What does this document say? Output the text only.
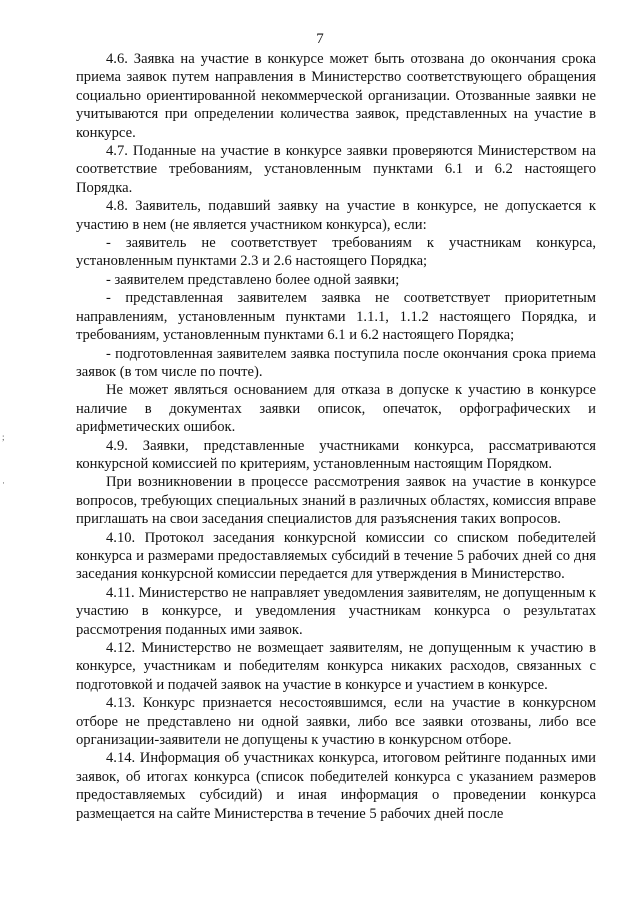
7
;
·

4.6. Заявка на участие в конкурсе может быть отозвана до окончания срока приема заявок путем направления в Министерство соответствующего обращения социально ориентированной некоммерческой организации. Отозванные заявки не учитываются при определении количества заявок, представленных на участие в конкурсе.

4.7. Поданные на участие в конкурсе заявки проверяются Министерством на соответствие требованиям, установленным пунктами 6.1 и 6.2 настоящего Порядка.

4.8. Заявитель, подавший заявку на участие в конкурсе, не допускается к участию в нем (не является участником конкурса), если:

- заявитель не соответствует требованиям к участникам конкурса, установленным пунктами 2.3 и 2.6 настоящего Порядка;

- заявителем представлено более одной заявки;

- представленная заявителем заявка не соответствует приоритетным направлениям, установленным пунктами 1.1.1, 1.1.2 настоящего Порядка, и требованиям, установленным пунктами 6.1 и 6.2 настоящего Порядка;

- подготовленная заявителем заявка поступила после окончания срока приема заявок (в том числе по почте).

Не может являться основанием для отказа в допуске к участию в конкурсе наличие в документах заявки описок, опечаток, орфографических и арифметических ошибок.

4.9. Заявки, представленные участниками конкурса, рассматриваются конкурсной комиссией по критериям, установленным настоящим Порядком.

При возникновении в процессе рассмотрения заявок на участие в конкурсе вопросов, требующих специальных знаний в различных областях, комиссия вправе приглашать на свои заседания специалистов для разъяснения таких вопросов.

4.10. Протокол заседания конкурсной комиссии со списком победителей конкурса и размерами предоставляемых субсидий в течение 5 рабочих дней со дня заседания конкурсной комиссии передается для утверждения в Министерство.

4.11. Министерство не направляет уведомления заявителям, не допущенным к участию в конкурсе, и уведомления участникам конкурса о результатах рассмотрения поданных ими заявок.

4.12. Министерство не возмещает заявителям, не допущенным к участию в конкурсе, участникам и победителям конкурса никаких расходов, связанных с подготовкой и подачей заявок на участие в конкурсе и участием в конкурсе.

4.13. Конкурс признается несостоявшимся, если на участие в конкурсном отборе не представлено ни одной заявки, либо все заявки отозваны, либо все организации-заявители не допущены к участию в конкурсном отборе.

4.14. Информация об участниках конкурса, итоговом рейтинге поданных ими заявок, об итогах конкурса (список победителей конкурса с указанием размеров предоставляемых субсидий) и иная информация о проведении конкурса размещается на сайте Министерства в течение 5 рабочих дней после
